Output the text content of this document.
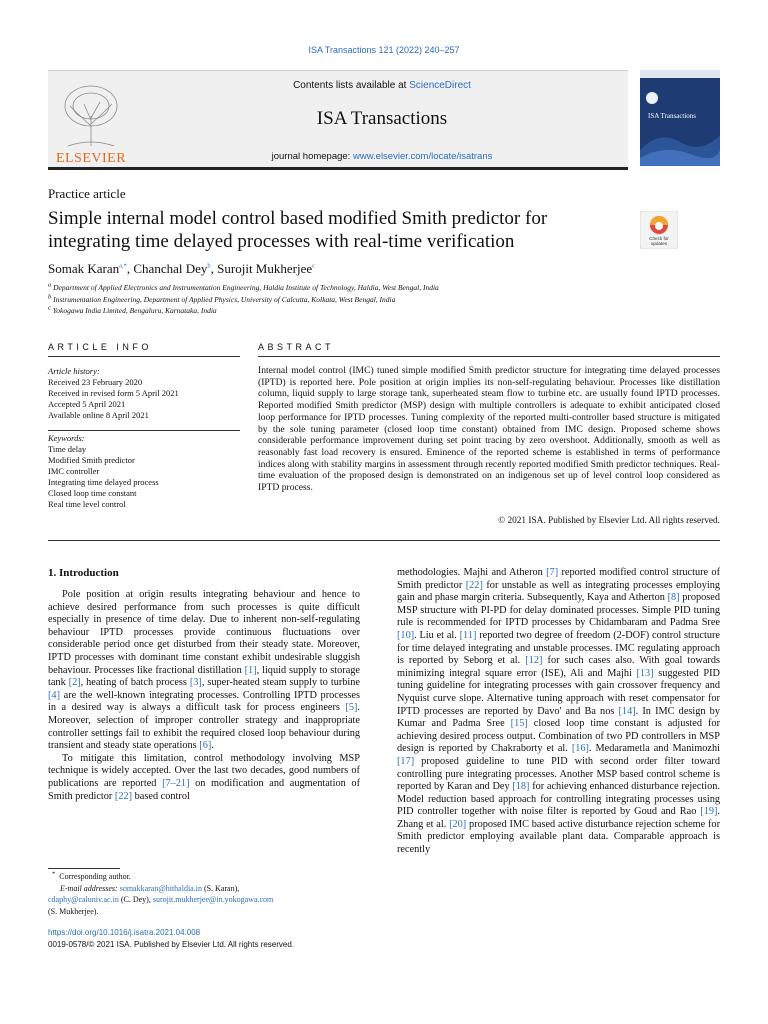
ISA Transactions 121 (2022) 240–257
ELSEVIER
Contents lists available at ScienceDirect
ISA Transactions
journal homepage: www.elsevier.com/locate/isatrans
ISA Transactions
Practice article
Simple internal model control based modified Smith predictor for
integrating time delayed processes with real-time verification	Check for
updates
Somak Karan$^{a,*}$, Chanchal Dey$^b$, Surojit Mukherjee$^c$
$^a$ Department of Applied Electronics and Instrumentation Engineering, Haldia Institute of Technology, Haldia, West Bengal, India
$^b$ Instrumentation Engineering, Department of Applied Physics, University of Calcutta, Kolkata, West Bengal, India
$^c$ Yokogawa India Limited, Bengaluru, Karnataka, India
ARTICLE INFO	ABSTRACT
Article history:
Received 23 February 2020
Received in revised form 5 April 2021
Accepted 5 April 2021
Available online 8 April 2021
Keywords:
Time delay
Modified Smith predictor
IMC controller
Integrating time delayed process
Closed loop time constant
Real time level control
Internal model control (IMC) tuned simple modified Smith predictor structure for integrating time delayed processes (IPTD) is reported here. Pole position at origin implies its non-self-regulating behaviour. Processes like distillation column, liquid supply to large storage tank, superheated steam flow to turbine etc. are usually found IPTD processes. Reported modified Smith predictor (MSP) design with multiple controllers is adequate to exhibit anticipated closed loop performance for IPTD processes. Tuning complexity of the reported multi-controller based structure is mitigated by the sole tuning parameter (closed loop time constant) obtained from IMC design. Proposed scheme shows considerable performance improvement during set point tracing by zero overshoot. Additionally, smooth as well as reasonably fast load recovery is ensured. Eminence of the reported scheme is established in terms of performance indices along with stability margins in assessment through recently reported modified Smith predictor techniques. Real-time evaluation of the proposed design is demonstrated on an indigenous set up of level control loop considered as IPTD process.
© 2021 ISA. Published by Elsevier Ltd. All rights reserved.
1. Introduction

Pole position at origin results integrating behaviour and hence to achieve desired performance from such processes is quite difficult especially in presence of time delay. Due to inherent non-self-regulating behaviour IPTD processes provide continuous fluctuations over considerable period once get disturbed from their steady state. Moreover, IPTD processes with dominant time constant exhibit undesirable sluggish behaviour. Processes like fractional distillation [1], liquid supply to storage tank [2], heating of batch process [3], super-heated steam supply to turbine [4] are the well-known integrating processes. Controlling IPTD processes in a desired way is always a difficult task for process engineers [5]. Moreover, selection of improper controller strategy and inappropriate controller settings fail to exhibit the required closed loop behaviour during transient and steady state operations [6].

To mitigate this limitation, control methodology involving MSP technique is widely accepted. Over the last two decades, good numbers of publications are reported [7–21] on modification and augmentation of Smith predictor [22] based control

methodologies. Majhi and Atheron [7] reported modified control structure of Smith predictor [22] for unstable as well as integrating processes employing gain and phase margin criteria. Subsequently, Kaya and Atherton [8] proposed MSP structure with PI-PD for delay dominated processes. Simple PID tuning rule is recommended for IPTD processes by Chidambaram and Padma Sree [10]. Liu et al. [11] reported two degree of freedom (2-DOF) control structure for time delayed integrating and unstable processes. IMC regulating approach is reported by Seborg et al. [12] for such cases also. With goal towards minimizing integral square error (ISE), Ali and Majhi [13] suggested PID tuning guideline for integrating processes with gain crossover frequency and Nyquist curve slope. Alternative tuning approach with reset compensator for IPTD processes are reported by Davo' and Ba nos [14]. In IMC design by Kumar and Padma Sree [15] closed loop time constant is adjusted for achieving desired process output. Combination of two PD controllers in MSP design is reported by Chakraborty et al. [16]. Medarametla and Manimozhi [17] proposed guideline to tune PID with second order filter toward controlling pure integrating processes. Another MSP based control scheme is reported by Karan and Dey [18] for achieving enhanced disturbance rejection. Model reduction based approach for controlling integrating processes using PID controller together with noise filter is reported by Goud and Rao [19]. Zhang et al. [20] proposed IMC based active disturbance rejection scheme for Smith predictor employing available plant data. Comparable approach is recently

* Corresponding author.
E-mail addresses: somakkaran@hithaldia.in (S. Karan),
cdaphy@caluniv.ac.in (C. Dey), surojit.mukherjee@in.yokogawa.com
(S. Mukherjee).
https://doi.org/10.1016/j.isatra.2021.04.008
0019-0578/© 2021 ISA. Published by Elsevier Ltd. All rights reserved.
